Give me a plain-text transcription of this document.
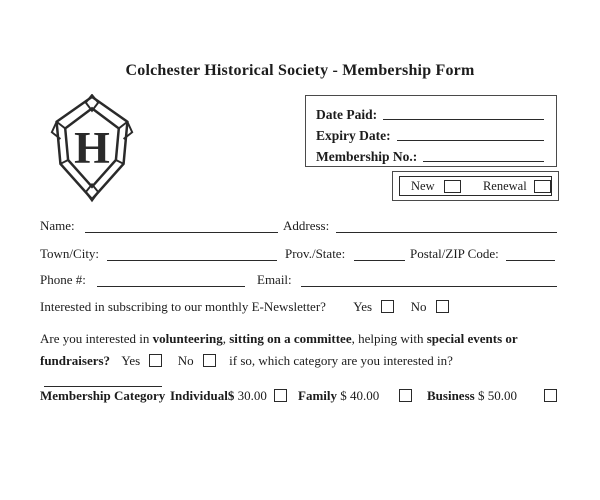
Colchester Historical Society - Membership Form
H
Date Paid:
Expiry Date:
Membership No.:
New	Renewal
Name:	Address:
Town/City:	Prov./State:	Postal/ZIP Code:
Phone #:	Email:
Interested in subscribing to our monthly E-Newsletter? Yes	No
Are you interested in volunteering, sitting on a committee, helping with special events or
fundraisers? Yes	No	if so, which category are you interested in?
Membership Category Individual$ 30.00	Family $ 40.00	Business $ 50.00
